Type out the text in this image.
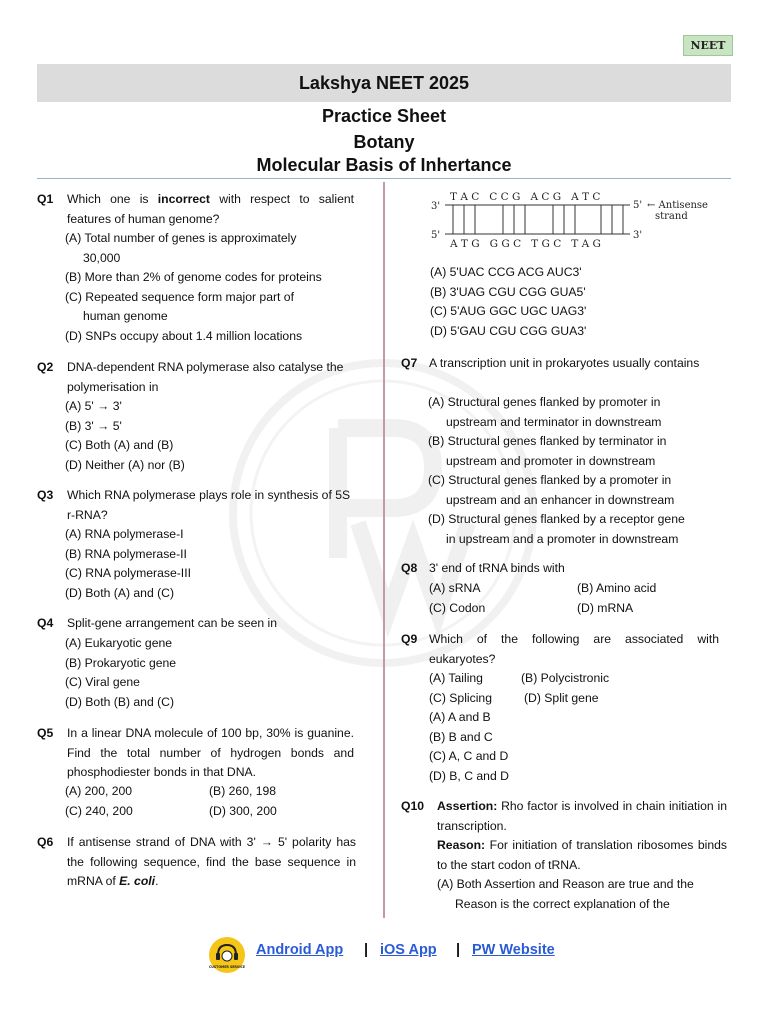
NEET
Lakshya NEET 2025
Practice Sheet
Botany
Molecular Basis of Inhertance
Q1 Which one is incorrect with respect to salient features of human genome?
(A) Total number of genes is approximately
30,000
(B) More than 2% of genome codes for proteins
(C) Repeated sequence form major part of
human genome
(D) SNPs occupy about 1.4 million locations
Q2 DNA-dependent RNA polymerase also catalyse the polymerisation in
(A) 5' → 3'
(B) 3' → 5'
(C) Both (A) and (B)
(D) Neither (A) nor (B)
Q3 Which RNA polymerase plays role in synthesis of 5S r-RNA?
(A) RNA polymerase-I
(B) RNA polymerase-II
(C) RNA polymerase-III
(D) Both (A) and (C)
Q4 Split-gene arrangement can be seen in
(A) Eukaryotic gene
(B) Prokaryotic gene
(C) Viral gene
(D) Both (B) and (C)
Q5 In a linear DNA molecule of 100 bp, 30% is guanine. Find the total number of hydrogen bonds and phosphodiester bonds in that DNA.
(A) 200, 200	(B) 260, 198
(C) 240, 200	(D) 300, 200
Q6 If antisense strand of DNA with 3' → 5' polarity has the following sequence, find the base sequence in mRNA of E. coli.
3'
5'
T A C   C C G   A C G   A T C
A T G   G G C   T G C   T A G
5'
3'
← Antisense
strand
(A) 5'UAC CCG ACG AUC3'
(B) 3'UAG CGU CGG GUA5'
(C) 5'AUG GGC UGC UAG3'
(D) 5'GAU CGU CGG GUA3'
Q7 A transcription unit in prokaryotes usually contains
(A) Structural genes flanked by promoter in
upstream and terminator in downstream
(B) Structural genes flanked by terminator in
upstream and promoter in downstream
(C) Structural genes flanked by a promoter in
upstream and an enhancer in downstream
(D) Structural genes flanked by a receptor gene
in upstream and a promoter in downstream
Q8 3' end of tRNA binds with
(A) sRNA	(B) Amino acid
(C) Codon	(D) mRNA
Q9 Which of the following are associated with eukaryotes?
(A) Tailing	(B) Polycistronic
(C) Splicing	(D) Split gene
(A) A and B
(B) B and C
(C) A, C and D
(D) B, C and D
Q10 Assertion: Rho factor is involved in chain initiation in transcription.
Reason: For initiation of translation ribosomes binds to the start codon of tRNA.
(A) Both Assertion and Reason are true and the
Reason is the correct explanation of the
CUSTOMER SERVICE
Android App | iOS App | PW Website
